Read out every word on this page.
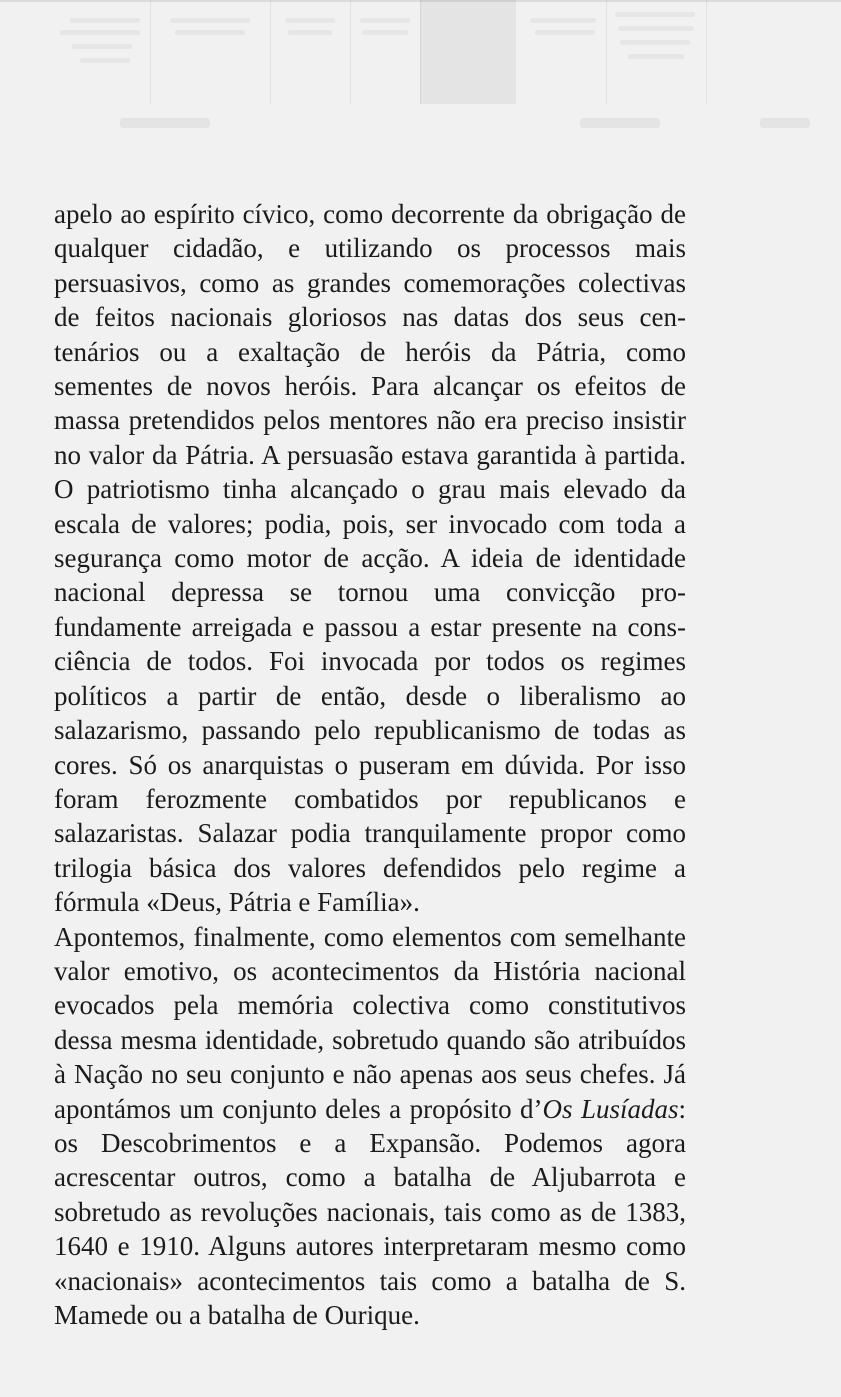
apelo ao espírito cívico, como decorrente da obrigação de qualquer cidadão, e utilizando os processos mais persuasivos, como as grandes comemorações colectivas de feitos nacionais gloriosos nas datas dos seus centenários ou a exaltação de heróis da Pátria, como sementes de novos heróis. Para alcançar os efeitos de massa pretendidos pelos mentores não era preciso insistir no valor da Pátria. A persuasão estava garantida à partida. O patriotismo tinha alcançado o grau mais elevado da escala de valores; podia, pois, ser invocado com toda a segurança como motor de acção. A ideia de identidade nacional depressa se tornou uma convicção profundamente arreigada e passou a estar presente na consciência de todos. Foi invocada por todos os regimes políticos a partir de então, desde o liberalismo ao salazarismo, passando pelo republicanismo de todas as cores. Só os anarquistas o puseram em dúvida. Por isso foram ferozmente combatidos por republicanos e salazaristas. Salazar podia tranquilamente propor como trilogia básica dos valores defendidos pelo regime a fórmula «Deus, Pátria e Família».

Apontemos, finalmente, como elementos com semelhante valor emotivo, os acontecimentos da História nacional evocados pela memória colectiva como constitutivos dessa mesma identidade, sobretudo quando são atribuídos à Nação no seu conjunto e não apenas aos seus chefes. Já apontámos um conjunto deles a propósito d’Os Lusíadas: os Descobrimentos e a Expansão. Podemos agora acrescentar outros, como a batalha de Aljubarrota e sobretudo as revoluções nacionais, tais como as de 1383, 1640 e 1910. Alguns autores interpretaram mesmo como «nacionais» acontecimentos tais como a batalha de S. Mamede ou a batalha de Ourique.
